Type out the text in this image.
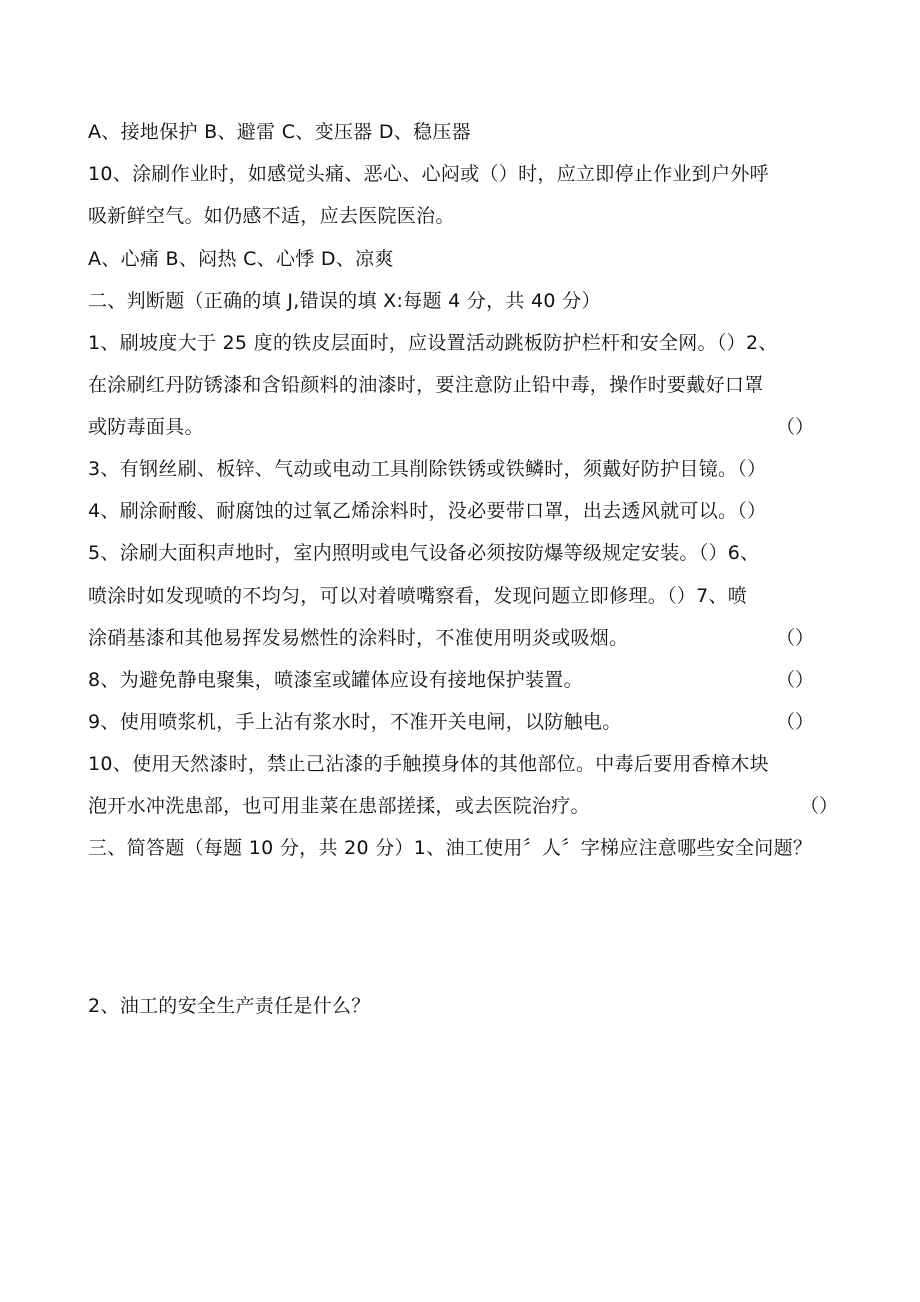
A、接地保护 B、避雷 C、变压器 D、稳压器
10、涂刷作业时，如感觉头痛、恶心、心闷或（）时，应立即停止作业到户外呼
吸新鲜空气。如仍感不适，应去医院医治。
A、心痛 B、闷热 C、心悸 D、凉爽
二、判断题（正确的填 J,错误的填 X:每题 4 分，共 40 分）
1、刷坡度大于 25 度的铁皮层面时，应设置活动跳板防护栏杆和安全网。（）2、
在涂刷红丹防锈漆和含铅颜料的油漆时，要注意防止铅中毒，操作时要戴好口罩
或防毒面具。	（）
3、有钢丝刷、板锌、气动或电动工具削除铁锈或铁鳞时，须戴好防护目镜。（）
4、刷涂耐酸、耐腐蚀的过氧乙烯涂料时，没必要带口罩，出去透风就可以。（）
5、涂刷大面积声地时，室内照明或电气设备必须按防爆等级规定安装。（）6、
喷涂时如发现喷的不均匀，可以对着喷嘴察看，发现问题立即修理。（）7、喷
涂硝基漆和其他易挥发易燃性的涂料时，不准使用明炎或吸烟。	（）
8、为避免静电聚集，喷漆室或罐体应设有接地保护装置。	（）
9、使用喷浆机，手上沾有浆水时，不准开关电闸，以防触电。	（）
10、使用天然漆时，禁止己沾漆的手触摸身体的其他部位。中毒后要用香樟木块
泡开水冲洗患部，也可用韭菜在患部搓揉，或去医院治疗。	（）
三、简答题（每题 10 分，共 20 分）1、油工使用〞人〞字梯应注意哪些安全问题？
2、油工的安全生产责任是什么？
